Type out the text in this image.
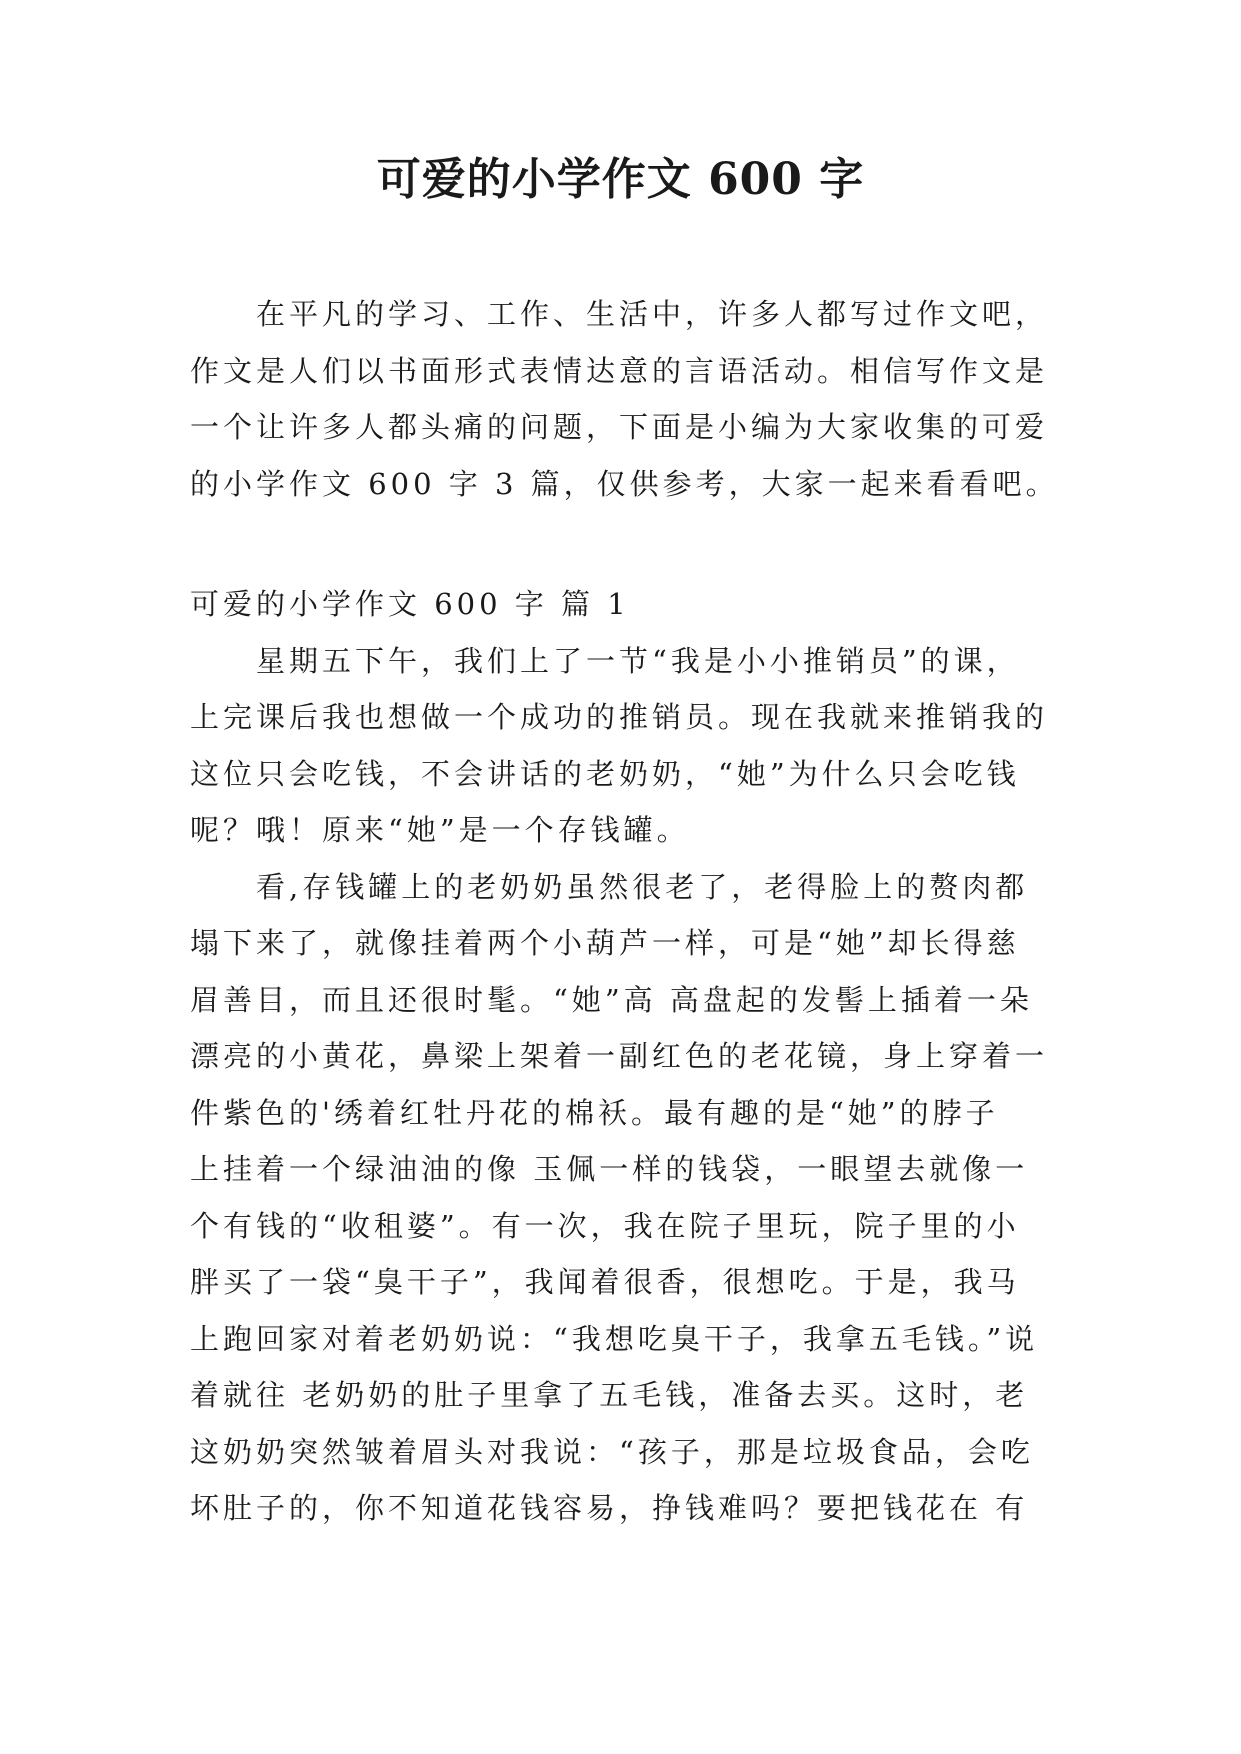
可爱的小学作文 600 字
　　在平凡的学习、工作、生活中，许多人都写过作文吧，
作文是人们以书面形式表情达意的言语活动。相信写作文是
一个让许多人都头痛的问题，下面是小编为大家收集的可爱
的小学作文 600 字 3 篇，仅供参考，大家一起来看看吧。
可爱的小学作文 600 字 篇 1
　　星期五下午，我们上了一节“我是小小推销员”的课，
上完课后我也想做一个成功的推销员。现在我就来推销我的
这位只会吃钱，不会讲话的老奶奶，“她”为什么只会吃钱
呢？哦！原来“她”是一个存钱罐。
　　看,存钱罐上的老奶奶虽然很老了，老得脸上的赘肉都
塌下来了，就像挂着两个小葫芦一样，可是“她”却长得慈
眉善目，而且还很时髦。“她”高 高盘起的发髻上插着一朵
漂亮的小黄花，鼻梁上架着一副红色的老花镜，身上穿着一
件紫色的'绣着红牡丹花的棉袄。最有趣的是“她”的脖子
上挂着一个绿油油的像 玉佩一样的钱袋，一眼望去就像一
个有钱的“收租婆”。有一次，我在院子里玩，院子里的小
胖买了一袋“臭干子”，我闻着很香，很想吃。于是，我马
上跑回家对着老奶奶说：“我想吃臭干子，我拿五毛钱。”说
着就往 老奶奶的肚子里拿了五毛钱，准备去买。这时，老
这奶奶突然皱着眉头对我说：“孩子，那是垃圾食品，会吃
坏肚子的，你不知道花钱容易，挣钱难吗？要把钱花在 有
